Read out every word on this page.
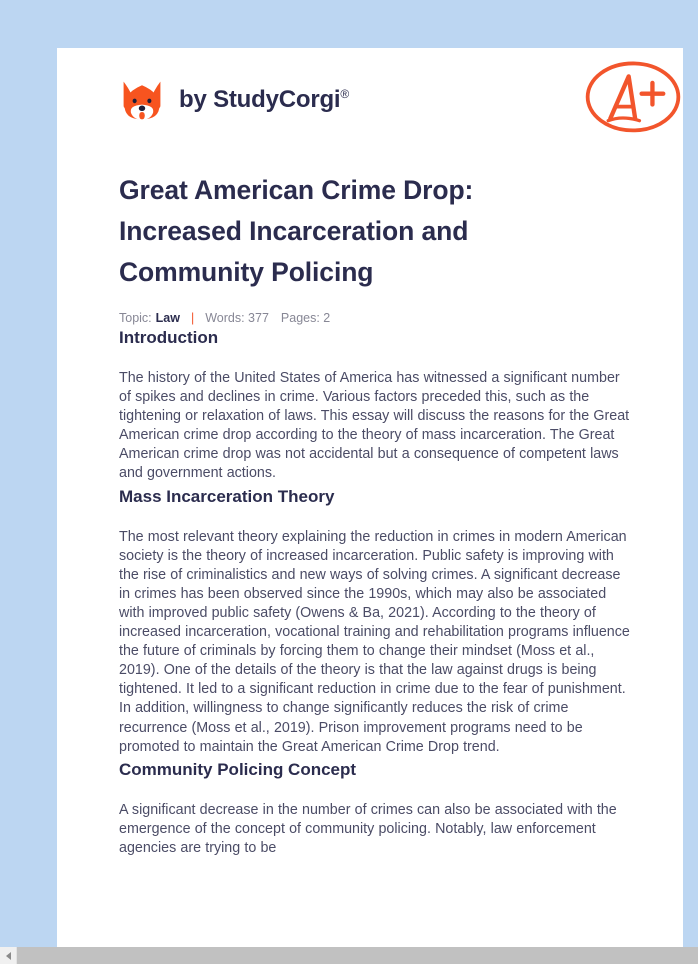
by StudyCorgi®
Great American Crime Drop: Increased Incarceration and Community Policing
Topic: Law | Words: 377 Pages: 2
Introduction

The history of the United States of America has witnessed a significant number of spikes and declines in crime. Various factors preceded this, such as the tightening or relaxation of laws. This essay will discuss the reasons for the Great American crime drop according to the theory of mass incarceration. The Great American crime drop was not accidental but a consequence of competent laws and government actions.

Mass Incarceration Theory

The most relevant theory explaining the reduction in crimes in modern American society is the theory of increased incarceration. Public safety is improving with the rise of criminalistics and new ways of solving crimes. A significant decrease in crimes has been observed since the 1990s, which may also be associated with improved public safety (Owens & Ba, 2021). According to the theory of increased incarceration, vocational training and rehabilitation programs influence the future of criminals by forcing them to change their mindset (Moss et al., 2019). One of the details of the theory is that the law against drugs is being tightened. It led to a significant reduction in crime due to the fear of punishment. In addition, willingness to change significantly reduces the risk of crime recurrence (Moss et al., 2019). Prison improvement programs need to be promoted to maintain the Great American Crime Drop trend.

Community Policing Concept

A significant decrease in the number of crimes can also be associated with the emergence of the concept of community policing. Notably, law enforcement agencies are trying to be
